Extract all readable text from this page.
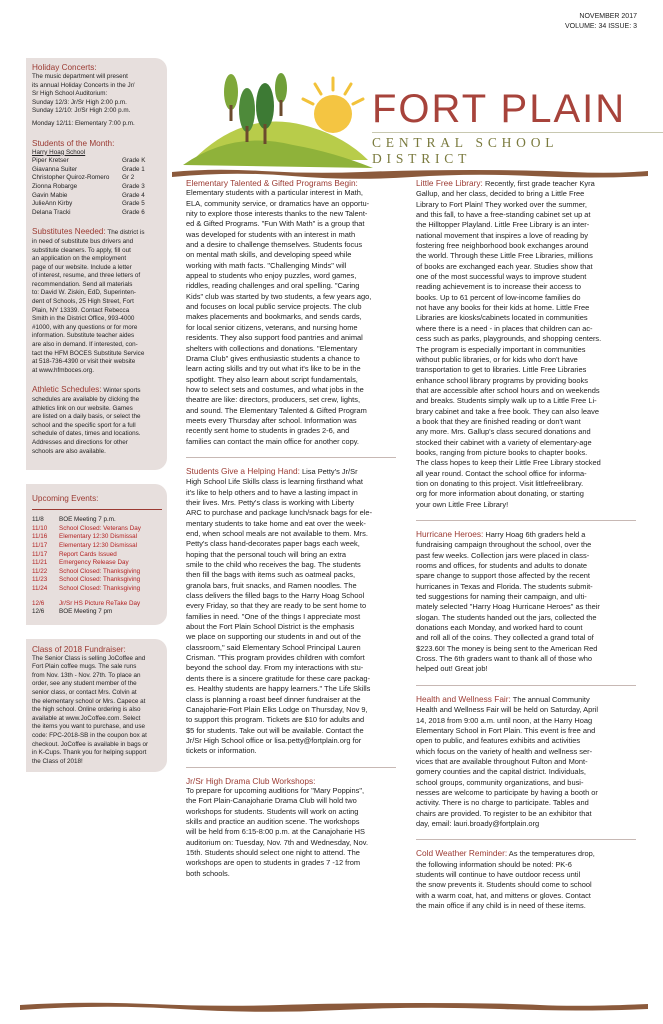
NOVEMBER 2017
VOLUME: 34 ISSUE: 3
FORT PLAIN
CENTRAL SCHOOL DISTRICT
Holiday Concerts:
The music department will present
its annual Holiday Concerts in the Jr/
Sr High School Auditorium:
Sunday 12/3: Jr/Sr High 2:00 p.m.
Sunday 12/10: Jr/Sr High 2:00 p.m.
Monday 12/11: Elementary 7:00 p.m.
Students of the Month:
Harry Hoag School
Piper Kretser	Grade K
Giavanna Suiter	Grade 1
Christopher Quiroz-Romero Gr 2
Zionna Robarge	Grade 3
Gavin Mabie	Grade 4
JulieAnn Kirby	Grade 5
Delana Tracki	Grade 6
Substitutes Needed: The district is
in need of substitute bus drivers and
substitute cleaners. To apply, fill out
an application on the employment
page of our website. Include a letter
of interest, resume, and three letters of
recommendation. Send all materials
to: David W. Ziskin, EdD, Superinten-
dent of Schools, 25 High Street, Fort
Plain, NY 13339. Contact Rebecca
Smith in the District Office, 993-4000
#1000, with any questions or for more
information. Substitute teacher aides
are also in demand. If interested, con-
tact the HFM BOCES Substitute Service
at 518-736-4390 or visit their website
at www.hfmboces.org.
Athletic Schedules: Winter sports
schedules are available by clicking the
athletics link on our website. Games
are listed on a daily basis, or select the
school and the specific sport for a full
schedule of dates, times and locations.
Addresses and directions for other
schools are also available.
Upcoming Events:
11/8	BOE Meeting 7 p.m.
11/10	School Closed: Veterans Day
11/16	Elementary 12:30 Dismissal
11/17	Elementary 12:30 Dismissal
11/17	Report Cards Issued
11/21	Emergency Release Day
11/22	School Closed: Thanksgiving
11/23	School Closed: Thanksgiving
11/24	School Closed: Thanksgiving
12/6	Jr/Sr HS Picture ReTake Day
12/6	BOE Meeting 7 pm
Class of 2018 Fundraiser:
The Senior Class is selling JoCoffee and
Fort Plain coffee mugs. The sale runs
from Nov. 13th - Nov. 27th. To place an
order, see any student member of the
senior class, or contact Mrs. Colvin at
the elementary school or Mrs. Capece at
the high school. Online ordering is also
available at www.JoCoffee.com. Select
the items you want to purchase, and use
code: FPC-2018-SB in the coupon box at
checkout. JoCoffee is available in bags or
in K-Cups. Thank you for helping support
the Class of 2018!
Elementary Talented & Gifted Programs Begin:
Elementary students with a particular interest in Math,
ELA, community service, or dramatics have an opportu-
nity to explore those interests thanks to the new Talent-
ed & Gifted Programs. "Fun With Math" is a group that
was developed for students with an interest in math
and a desire to challenge themselves. Students focus
on mental math skills, and developing speed while
working with math facts. "Challenging Minds" will
appeal to students who enjoy puzzles, word games,
riddles, reading challenges and oral spelling. "Caring
Kids" club was started by two students, a few years ago,
and focuses on local public service projects. The club
makes placements and bookmarks, and sends cards,
for local senior citizens, veterans, and nursing home
residents. They also support food pantries and animal
shelters with collections and donations. "Elementary
Drama Club" gives enthusiastic students a chance to
learn acting skills and try out what it's like to be in the
spotlight. They also learn about script fundamentals,
how to select sets and costumes, and what jobs in the
theatre are like: directors, producers, set crew, lights,
and sound. The Elementary Talented & Gifted Program
meets every Thursday after school. Information was
recently sent home to students in grades 2-6, and
families can contact the main office for another copy.
Students Give a Helping Hand: Lisa Petty's Jr/Sr
High School Life Skills class is learning firsthand what
it's like to help others and to have a lasting impact in
their lives. Mrs. Petty's class is working with Liberty
ARC to purchase and package lunch/snack bags for ele-
mentary students to take home and eat over the week-
end, when school meals are not available to them. Mrs.
Petty's class hand-decorates paper bags each week,
hoping that the personal touch will bring an extra
smile to the child who receives the bag. The students
then fill the bags with items such as oatmeal packs,
granola bars, fruit snacks, and Ramen noodles. The
class delivers the filled bags to the Harry Hoag School
every Friday, so that they are ready to be sent home to
families in need. "One of the things I appreciate most
about the Fort Plain School District is the emphasis
we place on supporting our students in and out of the
classroom," said Elementary School Principal Lauren
Crisman. "This program provides children with comfort
beyond the school day. From my interactions with stu-
dents there is a sincere gratitude for these care packag-
es. Healthy students are happy learners." The Life Skills
class is planning a roast beef dinner fundraiser at the
Canajoharie-Fort Plain Elks Lodge on Thursday, Nov 9,
to support this program. Tickets are $10 for adults and
$5 for students. Take out will be available. Contact the
Jr/Sr High School office or lisa.petty@fortplain.org for
tickets or information.
Jr/Sr High Drama Club Workshops:
To prepare for upcoming auditions for "Mary Poppins",
the Fort Plain-Canajoharie Drama Club will hold two
workshops for students. Students will work on acting
skills and practice an audition scene. The workshops
will be held from 6:15-8:00 p.m. at the Canajoharie HS
auditorium on: Tuesday, Nov. 7th and Wednesday, Nov.
15th. Students should select one night to attend. The
workshops are open to students in grades 7 -12 from
both schools.
Little Free Library: Recently, first grade teacher Kyra
Gallup, and her class, decided to bring a Little Free
Library to Fort Plain! They worked over the summer,
and this fall, to have a free-standing cabinet set up at
the Hilltopper Playland. Little Free Library is an inter-
national movement that inspires a love of reading by
fostering free neighborhood book exchanges around
the world. Through these Little Free Libraries, millions
of books are exchanged each year. Studies show that
one of the most successful ways to improve student
reading achievement is to increase their access to
books. Up to 61 percent of low-income families do
not have any books for their kids at home. Little Free
Libraries are kiosks/cabinets located in communities
where there is a need - in places that children can ac-
cess such as parks, playgrounds, and shopping centers.
The program is especially important in communities
without public libraries, or for kids who don't have
transportation to get to libraries. Little Free Libraries
enhance school library programs by providing books
that are accessible after school hours and on weekends
and breaks. Students simply walk up to a Little Free Li-
brary cabinet and take a free book. They can also leave
a book that they are finished reading or don't want
any more. Mrs. Gallup's class secured donations and
stocked their cabinet with a variety of elementary-age
books, ranging from picture books to chapter books.
The class hopes to keep their Little Free Library stocked
all year round. Contact the school office for informa-
tion on donating to this project. Visit littlefreelibrary.
org for more information about donating, or starting
your own Little Free Library!
Hurricane Heroes: Harry Hoag 6th graders held a
fundraising campaign throughout the school, over the
past few weeks. Collection jars were placed in class-
rooms and offices, for students and adults to donate
spare change to support those affected by the recent
hurricanes in Texas and Florida. The students submit-
ted suggestions for naming their campaign, and ulti-
mately selected "Harry Hoag Hurricane Heroes" as their
slogan. The students handed out the jars, collected the
donations each Monday, and worked hard to count
and roll all of the coins. They collected a grand total of
$223.60! The money is being sent to the American Red
Cross. The 6th graders want to thank all of those who
helped out! Great job!
Health and Wellness Fair: The annual Community
Health and Wellness Fair will be held on Saturday, April
14, 2018 from 9:00 a.m. until noon, at the Harry Hoag
Elementary School in Fort Plain. This event is free and
open to public, and features exhibits and activities
which focus on the variety of health and wellness ser-
vices that are available throughout Fulton and Mont-
gomery counties and the capital district. Individuals,
school groups, community organizations, and busi-
nesses are welcome to participate by having a booth or
activity. There is no charge to participate. Tables and
chairs are provided. To register to be an exhibitor that
day, email: lauri.broady@fortplain.org
Cold Weather Reminder: As the temperatures drop,
the following information should be noted: PK-6
students will continue to have outdoor recess until
the snow prevents it. Students should come to school
with a warm coat, hat, and mittens or gloves. Contact
the main office if any child is in need of these items.
